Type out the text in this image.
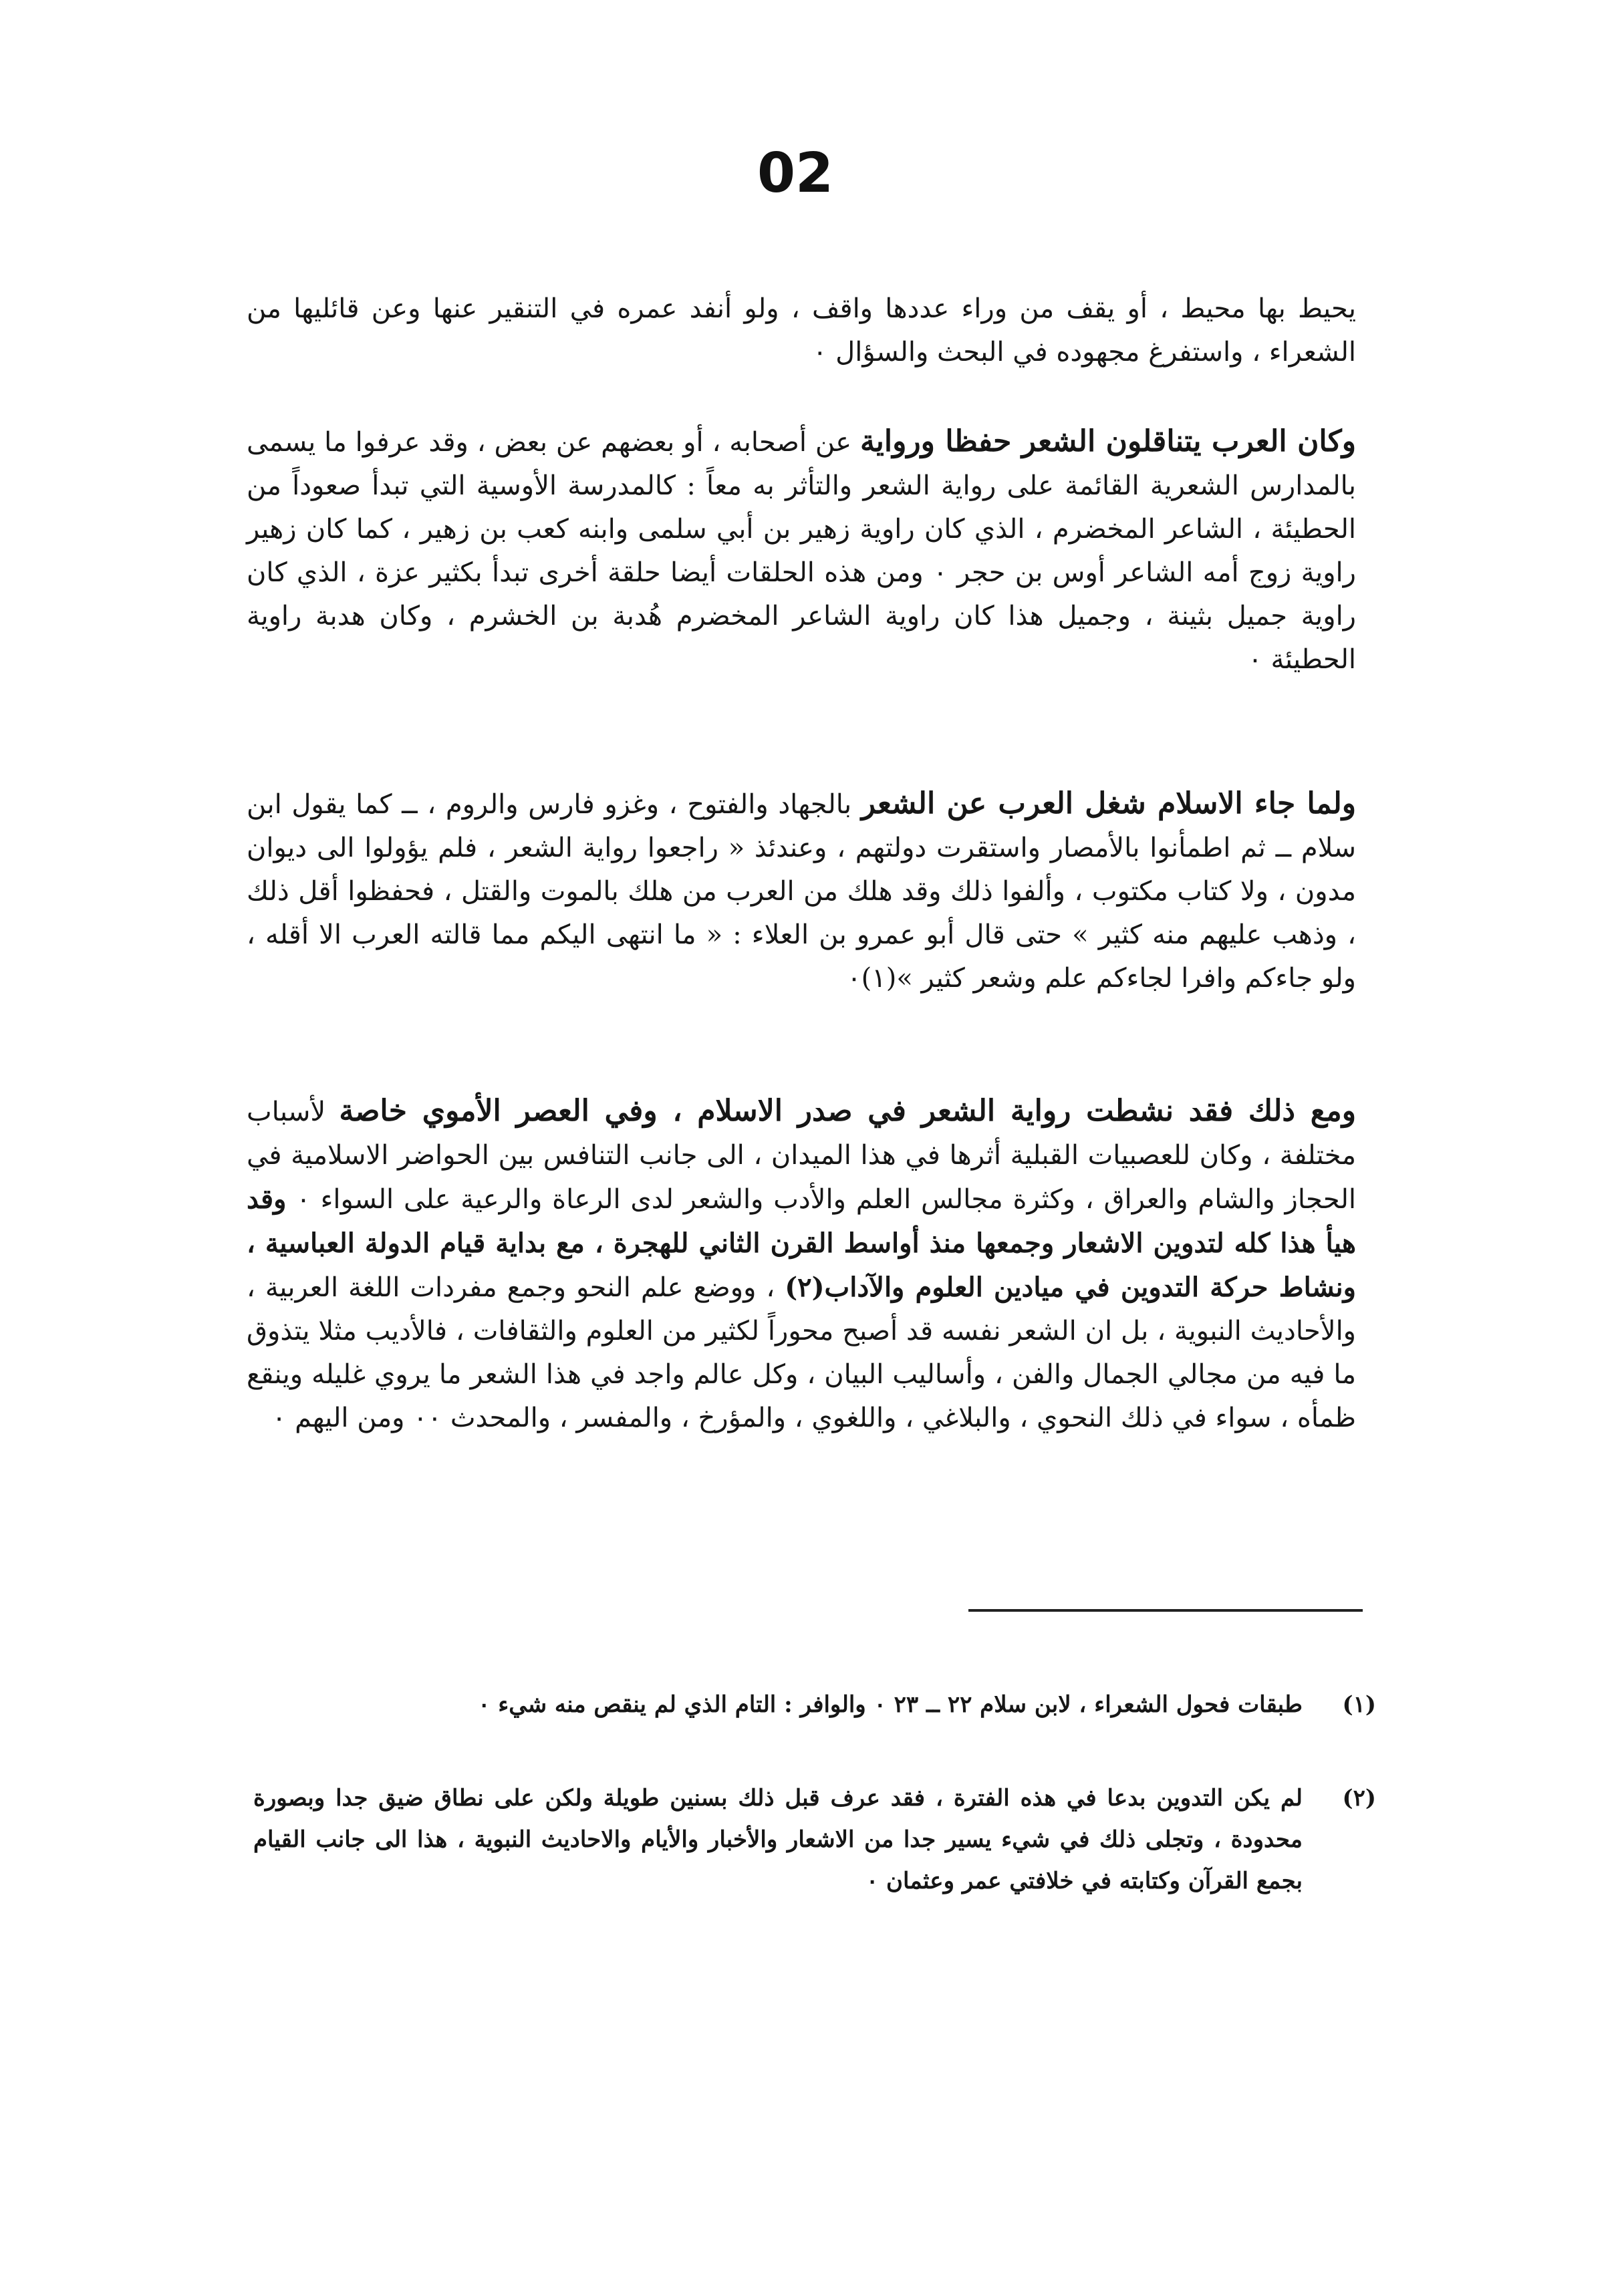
02

يحيط بها محيط ، أو يقف من وراء عددها واقف ، ولو أنفد عمره في التنقير عنها وعن قائليها من الشعراء ، واستفرغ مجهوده في البحث والسؤال ٠

وكان العرب يتناقلون الشعر حفظا ورواية عن أصحابه ، أو بعضهم عن بعض ، وقد عرفوا ما يسمى بالمدارس الشعرية القائمة على رواية الشعر والتأثر به معاً : كالمدرسة الأوسية التي تبدأ صعوداً من الحطيئة ، الشاعر المخضرم ، الذي كان راوية زهير بن أبي سلمى وابنه كعب بن زهير ، كما كان زهير راوية زوج أمه الشاعر أوس بن حجر ٠ ومن هذه الحلقات أيضا حلقة أخرى تبدأ بكثير عزة ، الذي كان راوية جميل بثينة ، وجميل هذا كان راوية الشاعر المخضرم هُدبة بن الخشرم ، وكان هدبة راوية الحطيئة ٠

ولما جاء الاسلام شغل العرب عن الشعر بالجهاد والفتوح ، وغزو فارس والروم ، ــ كما يقول ابن سلام ــ ثم اطمأنوا بالأمصار واستقرت دولتهم ، وعندئذ « راجعوا رواية الشعر ، فلم يؤولوا الى ديوان مدون ، ولا كتاب مكتوب ، وألفوا ذلك وقد هلك من العرب من هلك بالموت والقتل ، فحفظوا أقل ذلك ، وذهب عليهم منه كثير » حتى قال أبو عمرو بن العلاء : « ما انتهى اليكم مما قالته العرب الا أقله ، ولو جاءكم وافرا لجاءكم علم وشعر كثير »(١)٠

ومع ذلك فقد نشطت رواية الشعر في صدر الاسلام ، وفي العصر الأموي خاصة لأسباب مختلفة ، وكان للعصبيات القبلية أثرها في هذا الميدان ، الى جانب التنافس بين الحواضر الاسلامية في الحجاز والشام والعراق ، وكثرة مجالس العلم والأدب والشعر لدى الرعاة والرعية على السواء ٠ وقد هيأ هذا كله لتدوين الاشعار وجمعها منذ أواسط القرن الثاني للهجرة ، مع بداية قيام الدولة العباسية ، ونشاط حركة التدوين في ميادين العلوم والآداب(٢) ، ووضع علم النحو وجمع مفردات اللغة العربية ، والأحاديث النبوية ، بل ان الشعر نفسه قد أصبح محوراً لكثير من العلوم والثقافات ، فالأديب مثلا يتذوق ما فيه من مجالي الجمال والفن ، وأساليب البيان ، وكل عالم واجد في هذا الشعر ما يروي غليله وينقع ظمأه ، سواء في ذلك النحوي ، والبلاغي ، واللغوي ، والمؤرخ ، والمفسر ، والمحدث ٠٠ ومن اليهم ٠

(١)
طبقات فحول الشعراء ، لابن سلام ٢٢ ــ ٢٣ ٠ والوافر : التام الذي لم ينقص منه شيء ٠
(٢)
لم يكن التدوين بدعا في هذه الفترة ، فقد عرف قبل ذلك بسنين طويلة ولكن على نطاق ضيق جدا وبصورة محدودة ، وتجلى ذلك في شيء يسير جدا من الاشعار والأخبار والأيام والاحاديث النبوية ، هذا الى جانب القيام بجمع القرآن وكتابته في خلافتي عمر وعثمان ٠
